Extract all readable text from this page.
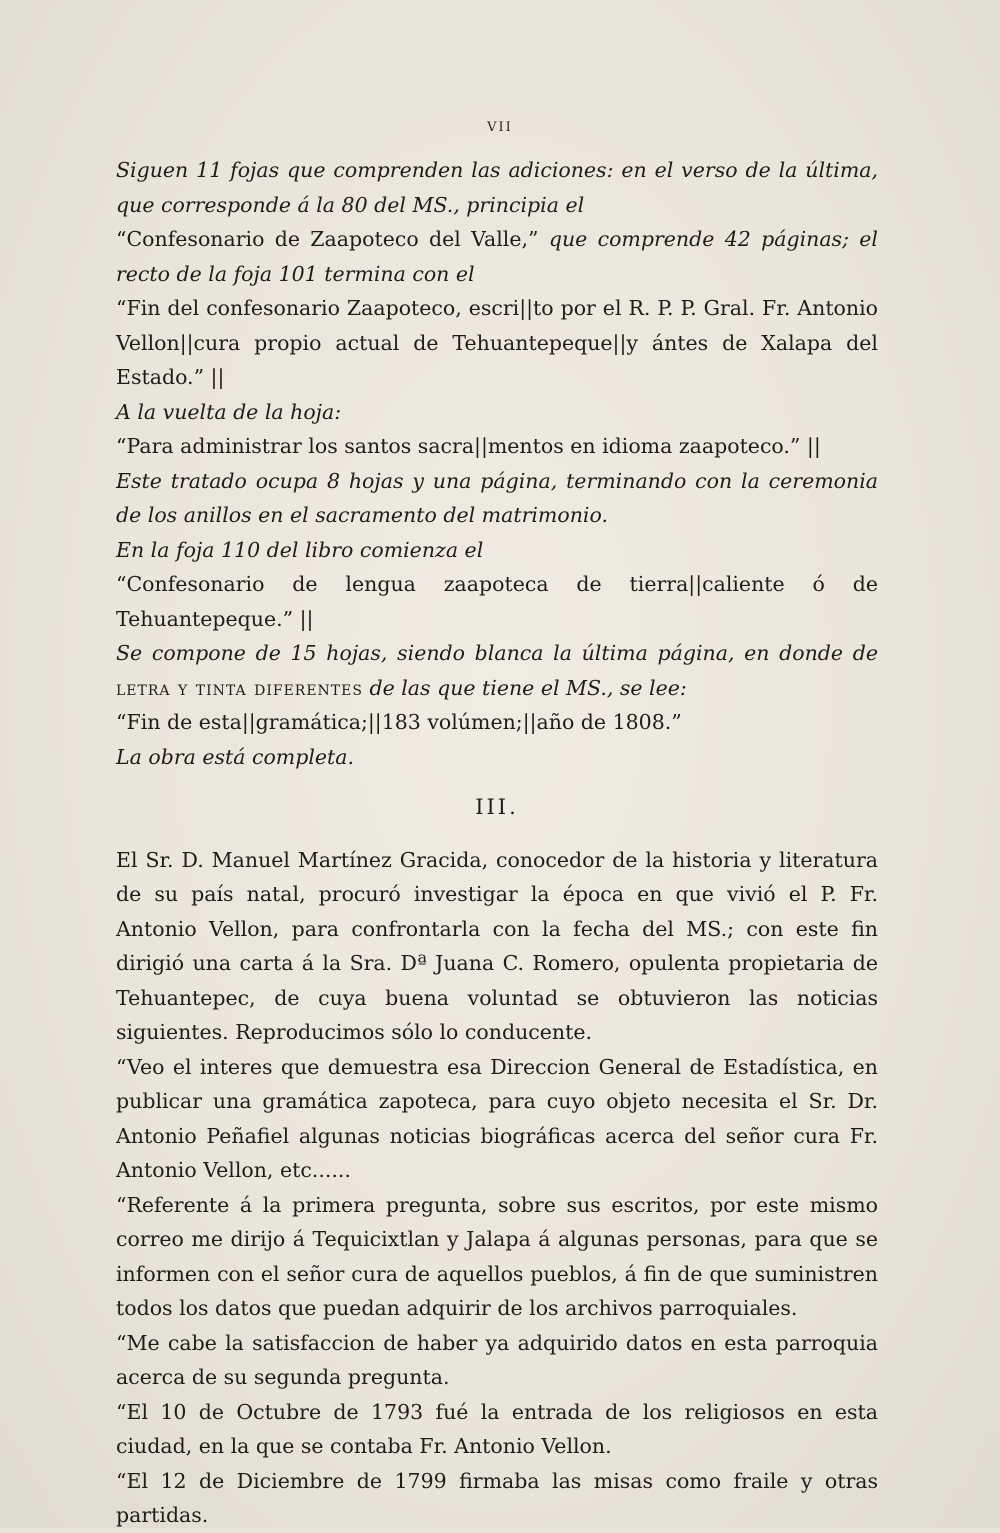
VII

Siguen 11 fojas que comprenden las adiciones: en el verso de la última, que corresponde á la 80 del MS., principia el

“Confesonario de Zaapoteco del Valle,” que comprende 42 páginas; el recto de la foja 101 termina con el

“Fin del confesonario Zaapoteco, escri||to por el R. P. P. Gral. Fr. Antonio Vellon||cura propio actual de Tehuantepeque||y ántes de Xalapa del Estado.” ||

A la vuelta de la hoja:

“Para administrar los santos sacra||mentos en idioma zaapoteco.” ||

Este tratado ocupa 8 hojas y una página, terminando con la ceremonia de los anillos en el sacramento del matrimonio.

En la foja 110 del libro comienza el

“Confesonario de lengua zaapoteca de tierra||caliente ó de Tehuantepeque.” ||

Se compone de 15 hojas, siendo blanca la última página, en donde de letra y tinta diferentes de las que tiene el MS., se lee:

“Fin de esta||gramática;||183 volúmen;||año de 1808.”

La obra está completa.

III.

El Sr. D. Manuel Martínez Gracida, conocedor de la historia y literatura de su país natal, procuró investigar la época en que vivió el P. Fr. Antonio Vellon, para confrontarla con la fecha del MS.; con este fin dirigió una carta á la Sra. Dª Juana C. Romero, opulenta propietaria de Tehuantepec, de cuya buena voluntad se obtuvieron las noticias siguientes. Reproducimos sólo lo conducente.

“Veo el interes que demuestra esa Direccion General de Estadística, en publicar una gramática zapoteca, para cuyo objeto necesita el Sr. Dr. Antonio Peñafiel algunas noticias biográficas acerca del señor cura Fr. Antonio Vellon, etc......

“Referente á la primera pregunta, sobre sus escritos, por este mismo correo me dirijo á Tequicixtlan y Jalapa á algunas personas, para que se informen con el señor cura de aquellos pueblos, á fin de que suministren todos los datos que puedan adquirir de los archivos parroquiales.

“Me cabe la satisfaccion de haber ya adquirido datos en esta parroquia acerca de su segunda pregunta.

“El 10 de Octubre de 1793 fué la entrada de los religiosos en esta ciudad, en la que se contaba Fr. Antonio Vellon.

“El 12 de Diciembre de 1799 firmaba las misas como fraile y otras partidas.
